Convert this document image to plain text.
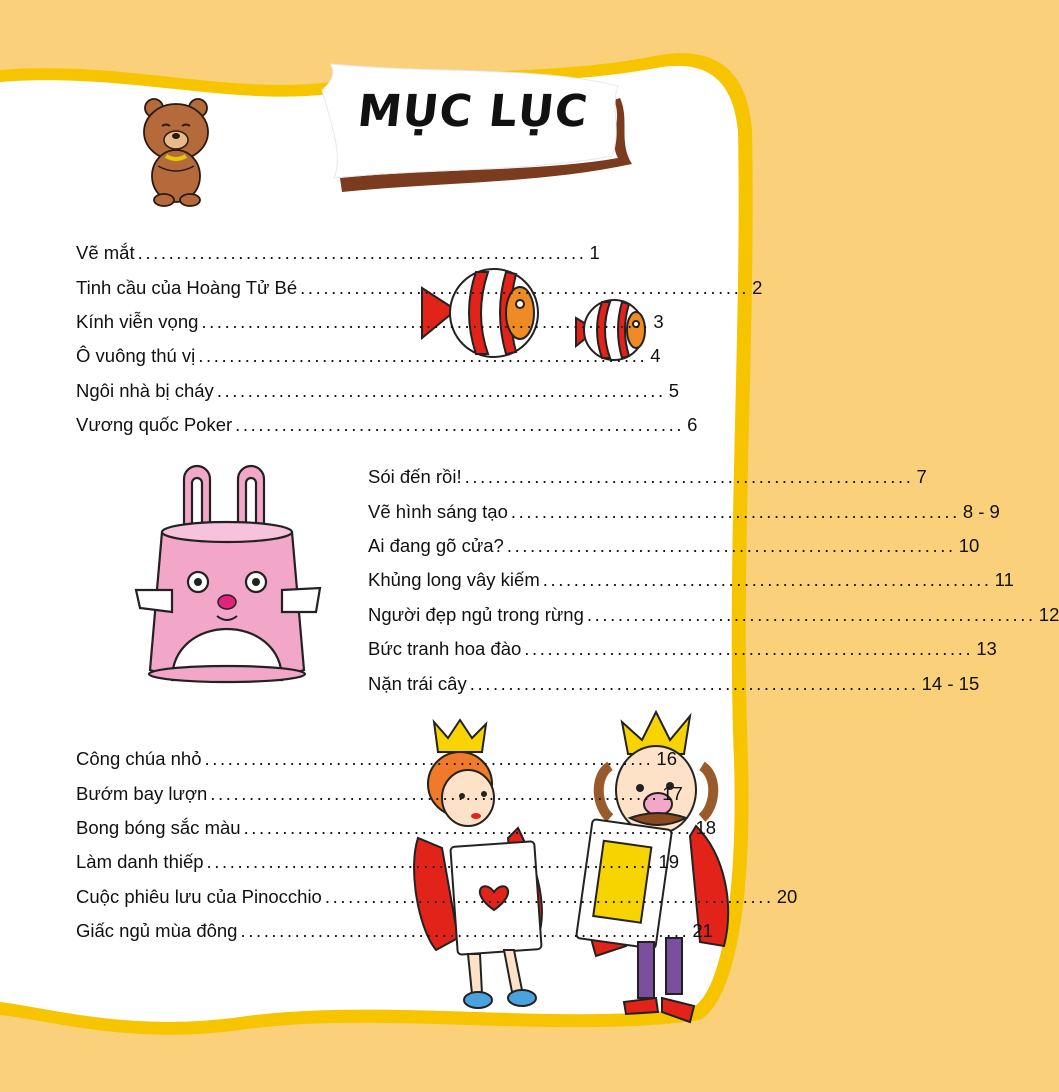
MỤC LỤC
Vẽ mắt .......................................................... 1
Tinh cầu của Hoàng Tử Bé .......................................................... 2
Kính viễn vọng .......................................................... 3
Ô vuông thú vị .......................................................... 4
Ngôi nhà bị cháy .......................................................... 5
Vương quốc Poker .......................................................... 6
Sói đến rồi! .......................................................... 7
Vẽ hình sáng tạo .......................................................... 8 - 9
Ai đang gõ cửa? .......................................................... 10
Khủng long vây kiếm .......................................................... 11
Người đẹp ngủ trong rừng .......................................................... 12
Bức tranh hoa đào .......................................................... 13
Nặn trái cây .......................................................... 14 - 15
Công chúa nhỏ .......................................................... 16
Bướm bay lượn .......................................................... 17
Bong bóng sắc màu .......................................................... 18
Làm danh thiếp .......................................................... 19
Cuộc phiêu lưu của Pinocchio .......................................................... 20
Giấc ngủ mùa đông .......................................................... 21
